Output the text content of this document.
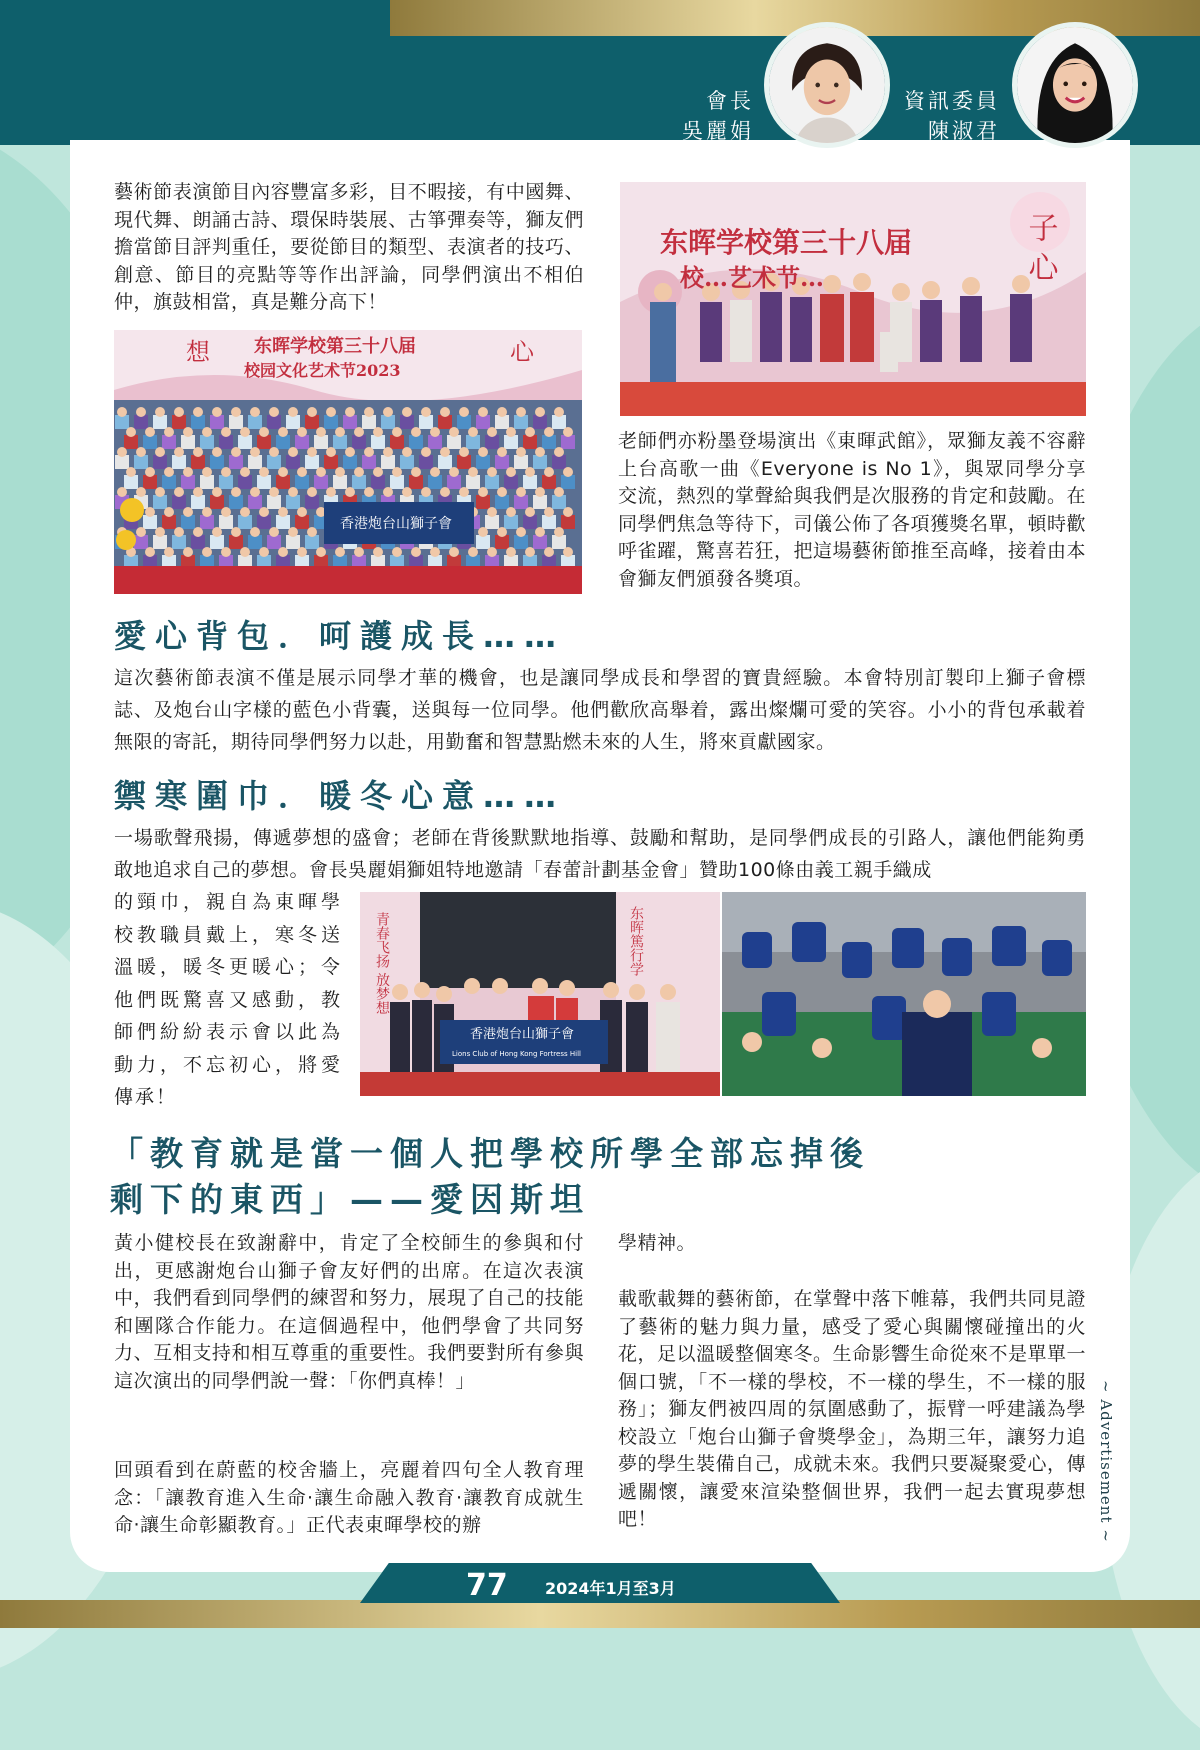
會長
吳麗娟
資訊委員
陳淑君
藝術節表演節目內容豐富多彩，目不暇接，有中國舞、現代舞、朗誦古詩、環保時裝展、古箏彈奏等，獅友們擔當節目評判重任，要從節目的類型、表演者的技巧、創意、節目的亮點等等作出評論，同學們演出不相伯仲，旗鼓相當，真是難分高下！
东晖学校第三十八届
校…艺术节…	子 心
香港炮台山獅子會
东晖学校第三十八届
校园文化艺术节2023
想	心
老師們亦粉墨登場演出《東暉武館》，眾獅友義不容辭上台高歌一曲《Everyone is No 1》，與眾同學分享交流，熱烈的掌聲給與我們是次服務的肯定和鼓勵。在同學們焦急等待下，司儀公佈了各項獲獎名單，頓時歡呼雀躍，驚喜若狂，把這場藝術節推至高峰，接着由本會獅友們頒發各獎項。
愛心背包．呵護成長……
這次藝術節表演不僅是展示同學才華的機會，也是讓同學成長和學習的寶貴經驗。本會特別訂製印上獅子會標誌、及炮台山字樣的藍色小背囊，送與每一位同學。他們歡欣高舉着，露出燦爛可愛的笑容。小小的背包承載着無限的寄託，期待同學們努力以赴，用勤奮和智慧點燃未來的人生，將來貢獻國家。
禦寒圍巾．暖冬心意……
一場歌聲飛揚，傳遞夢想的盛會；老師在背後默默地指導、鼓勵和幫助，是同學們成長的引路人，讓他們能夠勇敢地追求自己的夢想。會長吳麗娟獅姐特地邀請「春蕾計劃基金會」贊助100條由義工親手織成
的頸巾，親自為東暉學校教職員戴上，寒冬送溫暖，暖冬更暖心；令他們既驚喜又感動，教師們紛紛表示會以此為動力，不忘初心，將愛傳承！
香港炮台山獅子會
Lions Club of Hong Kong Fortress Hill
青春飞扬 放梦想	东晖篤行学
「教育就是當一個人把學校所學全部忘掉後
剩下的東西」——愛因斯坦
黃小健校長在致謝辭中，肯定了全校師生的參與和付出，更感謝炮台山獅子會友好們的出席。在這次表演中，我們看到同學們的練習和努力，展現了自己的技能和團隊合作能力。在這個過程中，他們學會了共同努力、互相支持和相互尊重的重要性。我們要對所有參與這次演出的同學們說一聲：「你們真棒！」
回頭看到在蔚藍的校舍牆上，亮麗着四句全人教育理念：「讓教育進入生命‧讓生命融入教育‧讓教育成就生命‧讓生命彰顯教育。」正代表東暉學校的辦
學精神。
載歌載舞的藝術節，在掌聲中落下帷幕，我們共同見證了藝術的魅力與力量，感受了愛心與關懷碰撞出的火花，足以溫暖整個寒冬。生命影響生命從來不是單單一個口號，「不一樣的學校，不一樣的學生，不一樣的服務」；獅友們被四周的氛圍感動了，振臂一呼建議為學校設立「炮台山獅子會獎學金」，為期三年，讓努力追夢的學生裝備自己，成就未來。我們只要凝聚愛心，傳遞關懷，讓愛來渲染整個世界，我們一起去實現夢想吧！
77 2024年1月至3月
~ Advertisement ~
